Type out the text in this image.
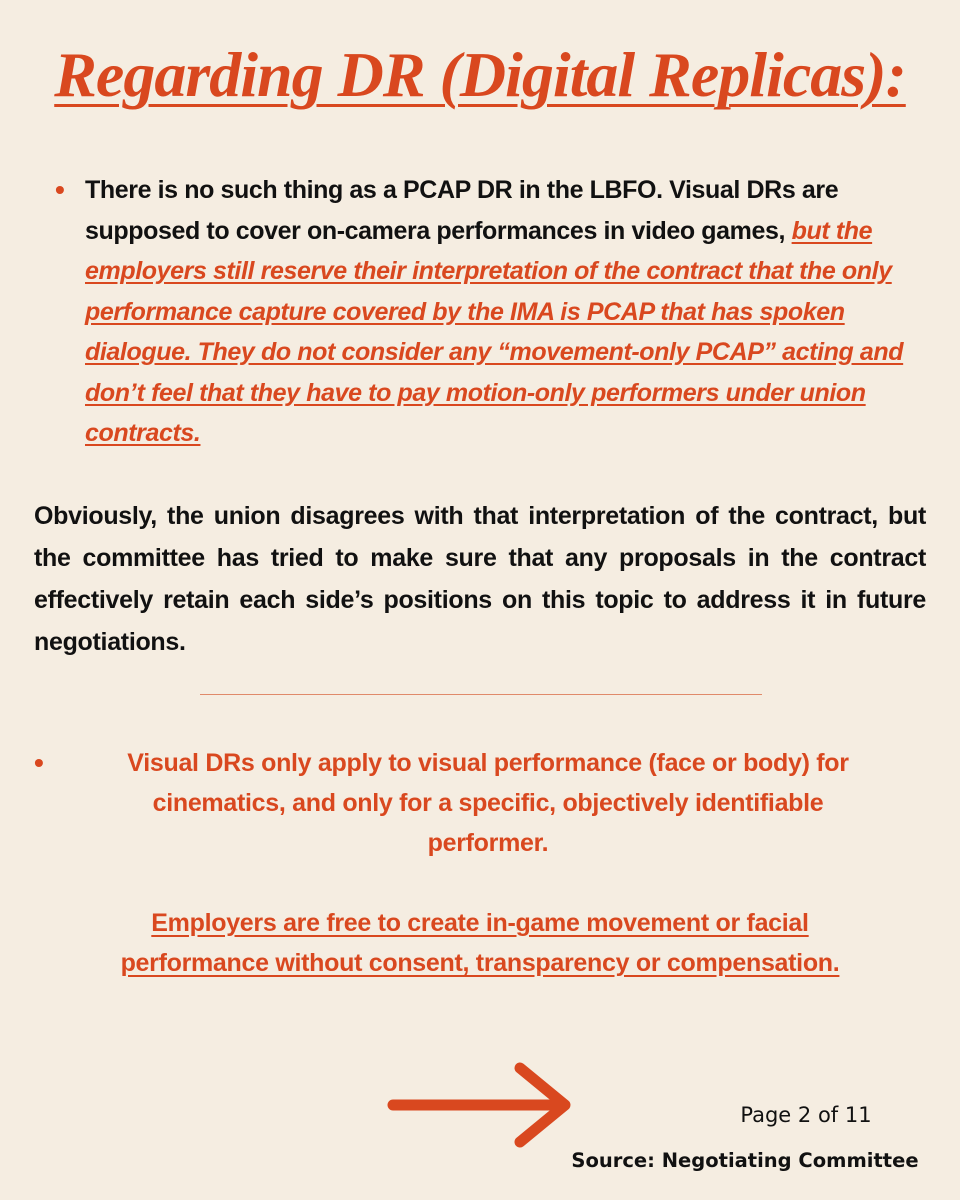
Regarding DR (Digital Replicas):
• There is no such thing as a PCAP DR in the LBFO. Visual DRs are supposed to cover on-camera performances in video games, but the employers still reserve their interpretation of the contract that the only performance capture covered by the IMA is PCAP that has spoken dialogue. They do not consider any “movement-only PCAP” acting and don’t feel that they have to pay motion-only performers under union contracts.

Obviously, the union disagrees with that interpretation of the contract, but the committee has tried to make sure that any proposals in the contract effectively retain each side’s positions on this topic to address it in future negotiations.

•	Visual DRs only apply to visual performance (face or body) for cinematics, and only for a specific, objectively identifiable performer.
Employers are free to create in-game movement or facial
performance without consent, transparency or compensation.
Page 2 of 11
Source: Negotiating Committee
